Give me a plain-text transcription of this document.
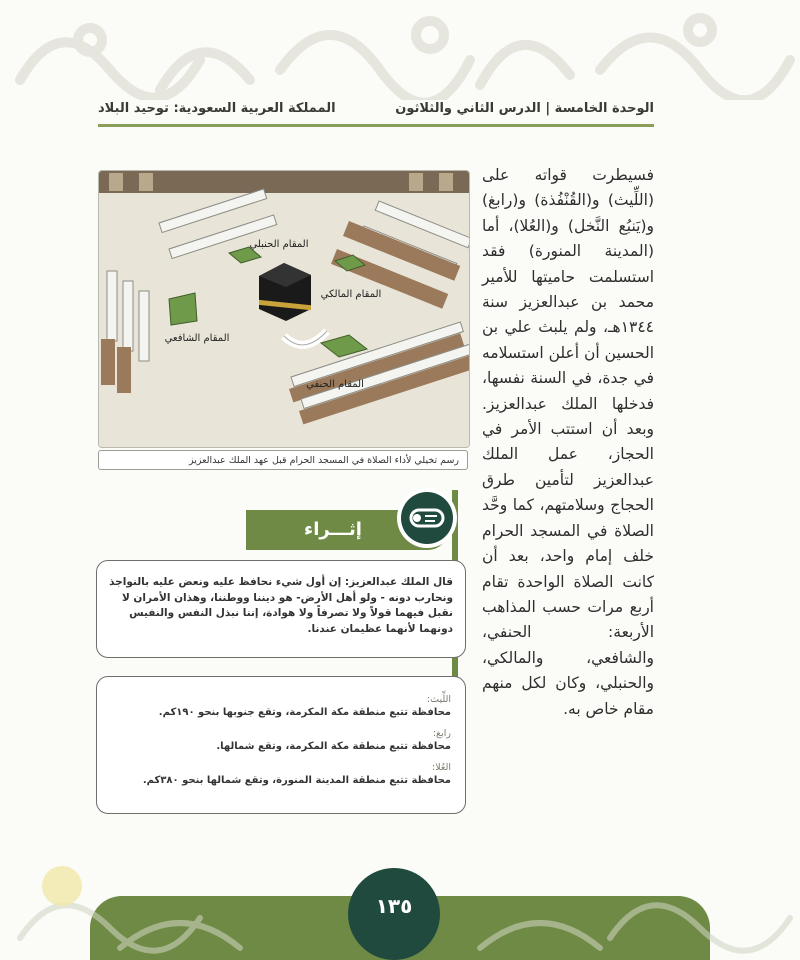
الوحدة الخامسة | الدرس الثاني والثلاثون
المملكة العربية السعودية: توحيد البلاد
فسيطرت قواته على (اللِّيث) و(القُنْفُذة) و(رابغ) و(يَنبُع النَّخل) و(العُلا)، أما (المدينة المنورة) فقد استسلمت حاميتها للأمير محمد بن عبدالعزيز سنة ١٣٤٤هـ، ولم يلبث علي بن الحسين أن أعلن استسلامه في جدة، في السنة نفسها، فدخلها الملك عبدالعزيز. وبعد أن استتب الأمر في الحجاز، عمل الملك عبدالعزيز لتأمين طرق الحجاج وسلامتهم، كما وحَّد الصلاة في المسجد الحرام خلف إمام واحد، بعد أن كانت الصلاة الواحدة تقام أربع مرات حسب المذاهب الأربعة: الحنفي، والشافعي، والمالكي، والحنبلي، وكان لكل منهم مقام خاص به.
المقام الحنبلي
المقام المالكي
المقام الشافعي
المقام الحنفي
رسم تخيلي لأداء الصلاة في المسجد الحرام قبل عهد الملك عبدالعزيز
إثـــراء
قال الملك عبدالعزيز: إن أول شيء نحافظ عليه ونعض عليه بالنواجذ ونحارب دونه - ولو أهل الأرض- هو ديننا ووطننا، وهذان الأمران لا نقبل فيهما قولاً ولا تصرفاً ولا هوادة، إننا نبذل النفس والنفيس دونهما لأنهما عظيمان عندنا.
اللِّيث:
محافظة تتبع منطقة مكة المكرمة، وتقع جنوبها بنحو ١٩٠كم.
رابغ:
محافظة تتبع منطقة مكة المكرمة، وتقع شمالها.
العُلا:
محافظة تتبع منطقة المدينة المنورة، وتقع شمالها بنحو ٣٨٠كم.
١٣٥
